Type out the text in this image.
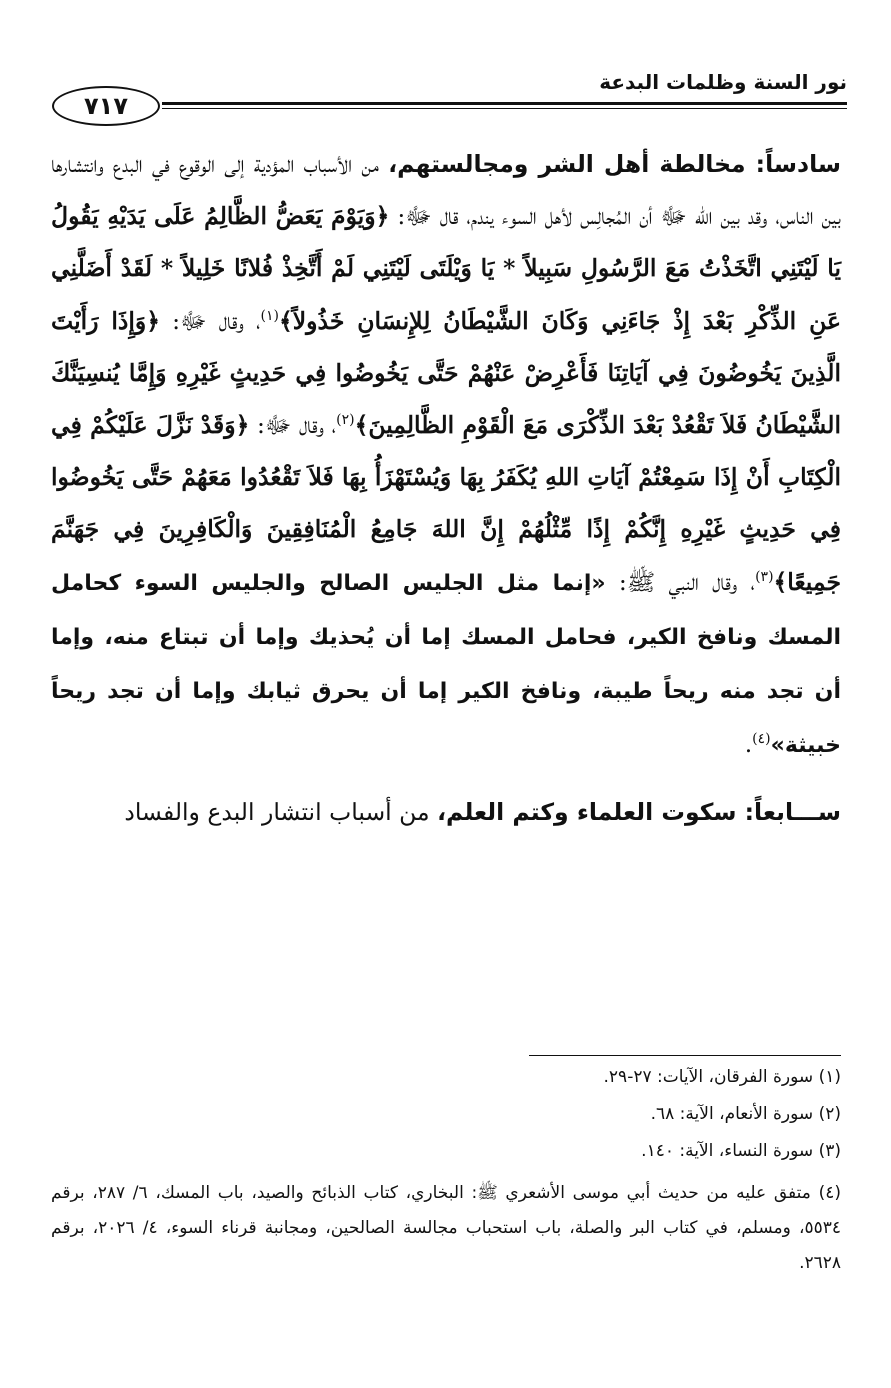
نور السنة وظلمات البدعة
٧١٧

سادساً: مخالطة أهل الشر ومجالستهم، من الأسباب المؤدية إلى الوقوع في البدع وانتشارها بين الناس، وقد بين الله ﷻ أن المُجالِس لأهل السوء يندم، قال ﷻ: ﴿وَيَوْمَ يَعَضُّ الظَّالِمُ عَلَى يَدَيْهِ يَقُولُ يَا لَيْتَنِي اتَّخَذْتُ مَعَ الرَّسُولِ سَبِيلاً * يَا وَيْلَتَى لَيْتَنِي لَمْ أَتَّخِذْ فُلانًا خَلِيلاً * لَقَدْ أَضَلَّنِي عَنِ الذِّكْرِ بَعْدَ إِذْ جَاءَنِي وَكَانَ الشَّيْطَانُ لِلإِنسَانِ خَذُولاً﴾$^{(١)}$، وقال ﷻ: ﴿وَإِذَا رَأَيْتَ الَّذِينَ يَخُوضُونَ فِي آيَاتِنَا فَأَعْرِضْ عَنْهُمْ حَتَّى يَخُوضُوا فِي حَدِيثٍ غَيْرِهِ وَإِمَّا يُنسِيَنَّكَ الشَّيْطَانُ فَلاَ تَقْعُدْ بَعْدَ الذِّكْرَى مَعَ الْقَوْمِ الظَّالِمِينَ﴾$^{(٢)}$، وقال ﷻ: ﴿وَقَدْ نَزَّلَ عَلَيْكُمْ فِي الْكِتَابِ أَنْ إِذَا سَمِعْتُمْ آيَاتِ اللهِ يُكَفَرُ بِهَا وَيُسْتَهْزَأُ بِهَا فَلاَ تَقْعُدُوا مَعَهُمْ حَتَّى يَخُوضُوا فِي حَدِيثٍ غَيْرِهِ إِنَّكُمْ إِذًا مِّثْلُهُمْ إِنَّ اللهَ جَامِعُ الْمُنَافِقِينَ وَالْكَافِرِينَ فِي جَهَنَّمَ جَمِيعًا﴾$^{(٣)}$، وقال النبي ﷺ: «إنما مثل الجليس الصالح والجليس السوء كحامل المسك ونافخ الكير، فحامل المسك إما أن يُحذيك وإما أن تبتاع منه، وإما أن تجد منه ريحاً طيبة، ونافخ الكير إما أن يحرق ثيابك وإما أن تجد ريحاً خبيثة»$^{(٤)}$.

ســـابعاً: سكوت العلماء وكتم العلم، من أسباب انتشار البدع والفساد

(١) سورة الفرقان، الآيات: ٢٧-٢٩.

(٢) سورة الأنعام، الآية: ٦٨.

(٣) سورة النساء، الآية: ١٤٠.

(٤) متفق عليه من حديث أبي موسى الأشعري ﷺ: البخاري، كتاب الذبائح والصيد، باب المسك، ٦/ ٢٨٧، برقم ٥٥٣٤، ومسلم، في كتاب البر والصلة، باب استحباب مجالسة الصالحين، ومجانبة قرناء السوء، ٤/ ٢٠٢٦، برقم ٢٦٢٨.
